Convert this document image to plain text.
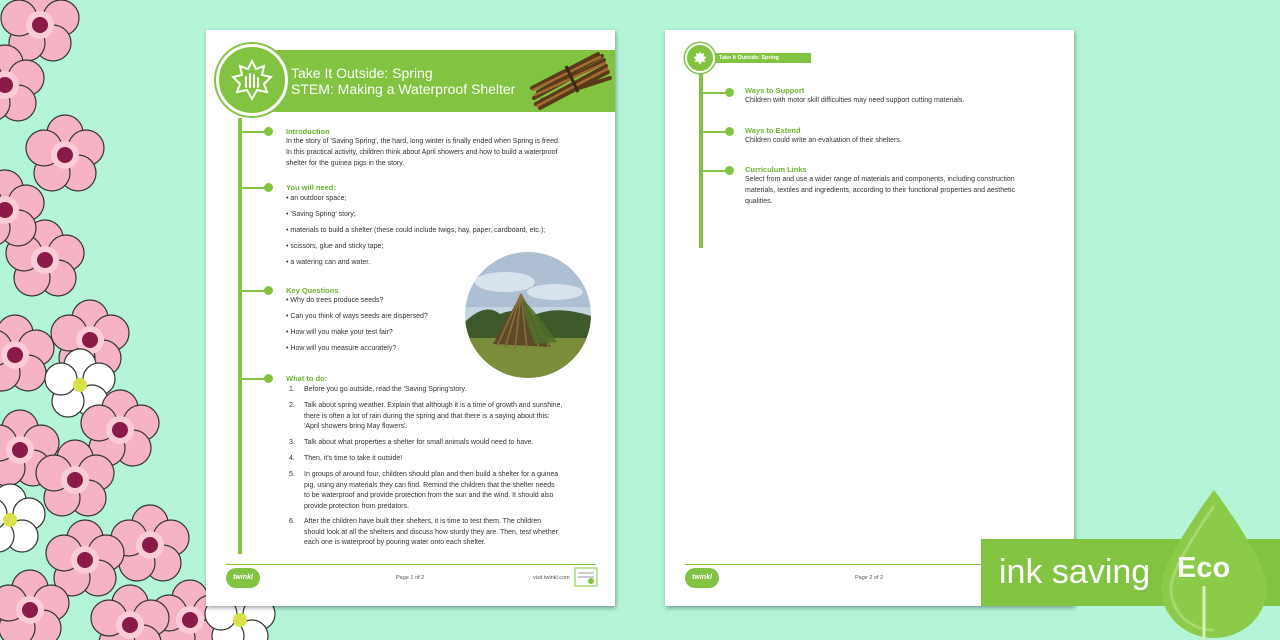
Take It Outside: Spring
STEM: Making a Waterproof Shelter
Introduction
In the story of 'Saving Spring', the hard, long winter is finally ended when Spring is freed.
In this practical activity, children think about April showers and how to build a waterproof
shelter for the guinea pigs in the story.
You will need:
• an outdoor space;
• 'Saving Spring' story;
• materials to build a shelter (these could include twigs, hay, paper, cardboard, etc.);
• scissors, glue and sticky tape;
• a watering can and water.
Key Questions
• Why do trees produce seeds?
• Can you think of ways seeds are dispersed?
• How will you make your test fair?
• How will you measure accurately?
What to do:
1. Before you go outside, read the 'Saving Spring'story.
2. Talk about spring weather. Explain that although it is a time of growth and sunshine,
there is often a lot of rain during the spring and that there is a saying about this:
'April showers bring May flowers'.
3. Talk about what properties a shelter for small animals would need to have.
4. Then, it's time to take it outside!
5. In groups of around four, children should plan and then build a shelter for a guinea
pig, using any materials they can find. Remind the children that the shelter needs
to be waterproof and provide protection from the sun and the wind. It should also
provide protection from predators.
6. After the children have built their shelters, it is time to test them. The children
should look at all the shelters and discuss how sturdy they are. Then, test whether
each one is waterproof by pouring water onto each shelter.
twinkl	Page 1 of 2	visit twinkl.com
Take It Outside: Spring
Ways to Support
Children with motor skill difficulties may need support cutting materials.
Ways to Extend
Children could write an evaluation of their shelters.
Curriculum Links
Select from and use a wider range of materials and components, including construction
materials, textiles and ingredients, according to their functional properties and aesthetic
qualities.
twinkl	Page 2 of 2	ink saving Eco
